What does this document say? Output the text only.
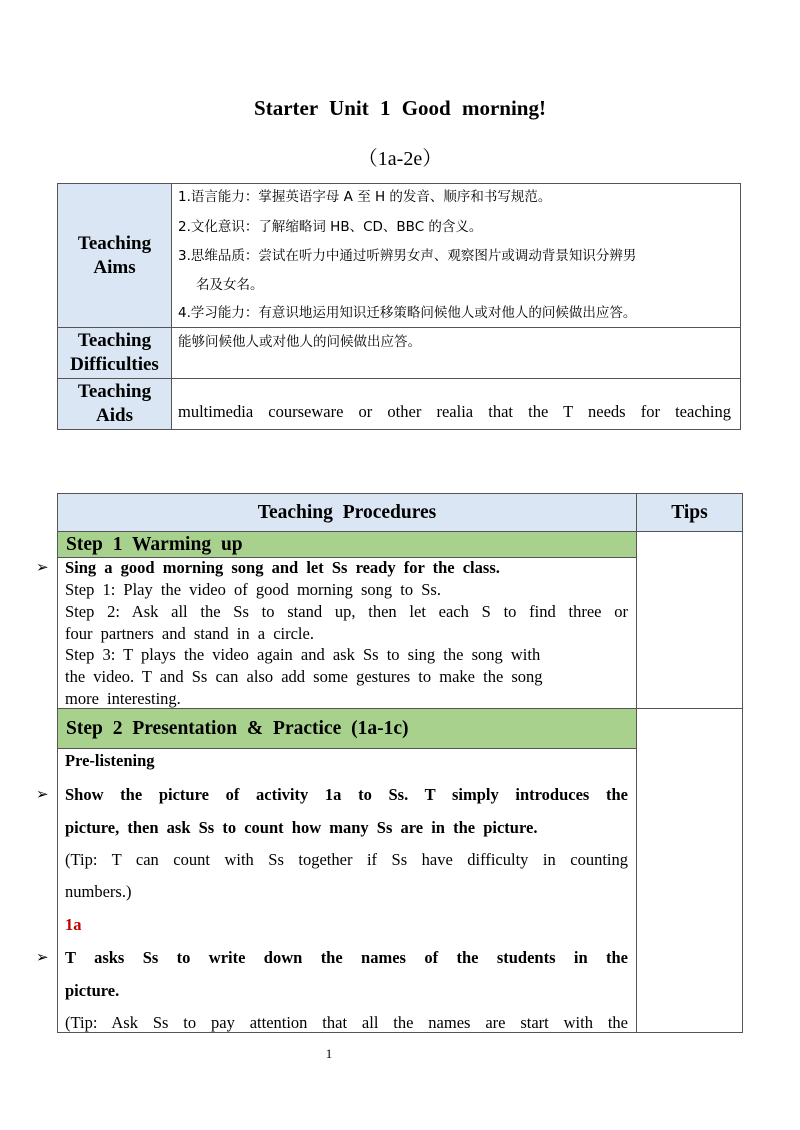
Starter Unit 1 Good morning!
（1a-2e）
Teaching
Aims
1.语言能力：掌握英语字母 A 至 H 的发音、顺序和书写规范。
2.文化意识：了解缩略词 HB、CD、BBC 的含义。
3.思维品质：尝试在听力中通过听辨男女声、观察图片或调动背景知识分辨男
名及女名。
4.学习能力：有意识地运用知识迁移策略问候他人或对他人的问候做出应答。
Teaching
Difficulties
能够问候他人或对他人的问候做出应答。
Teaching
Aids	multimedia courseware or other realia that the T needs for teaching
Teaching Procedures	Tips
Step 1 Warming up
➢ Sing a good morning song and let Ss ready for the class.
Step 1: Play the video of good morning song to Ss.
Step 2: Ask all the Ss to stand up, then let each S to find three or
four partners and stand in a circle.
Step 3: T plays the video again and ask Ss to sing the song with
the video. T and Ss can also add some gestures to make the song
more interesting.
Step 2 Presentation & Practice (1a-1c)
Pre-listening
➢ Show the picture of activity 1a to Ss. T simply introduces the
picture, then ask Ss to count how many Ss are in the picture.
(Tip: T can count with Ss together if Ss have difficulty in counting
numbers.)
1a
➢ T asks Ss to write down the names of the students in the
picture.
(Tip: Ask Ss to pay attention that all the names are start with the
1
